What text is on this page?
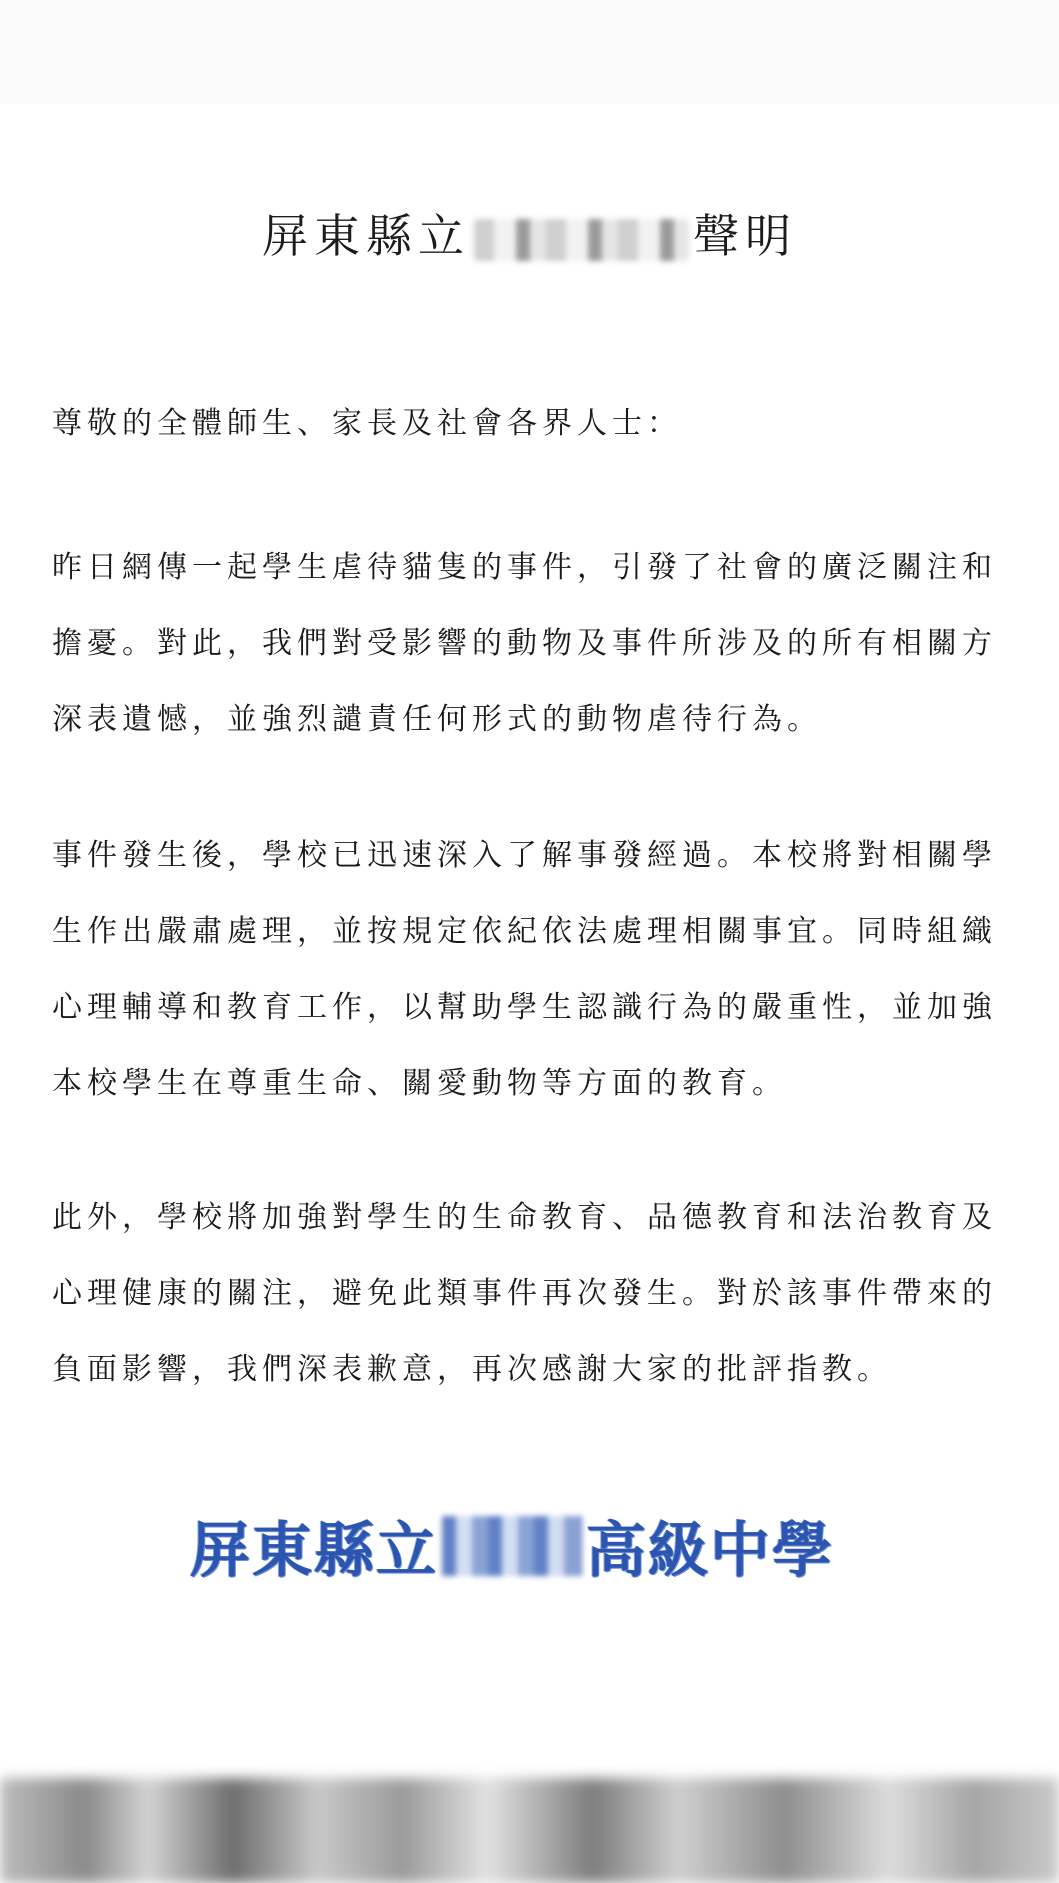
屏東縣立	聲明
尊敬的全體師生、家長及社會各界人士：

昨日網傳一起學生虐待貓隻的事件，引發了社會的廣泛關注和擔憂。對此，我們對受影響的動物及事件所涉及的所有相關方深表遺憾，並強烈譴責任何形式的動物虐待行為。

事件發生後，學校已迅速深入了解事發經過。本校將對相關學生作出嚴肅處理，並按規定依紀依法處理相關事宜。同時組織心理輔導和教育工作，以幫助學生認識行為的嚴重性，並加強本校學生在尊重生命、關愛動物等方面的教育。

此外，學校將加強對學生的生命教育、品德教育和法治教育及心理健康的關注，避免此類事件再次發生。對於該事件帶來的負面影響，我們深表歉意，再次感謝大家的批評指教。

屏東縣立 高級中學
